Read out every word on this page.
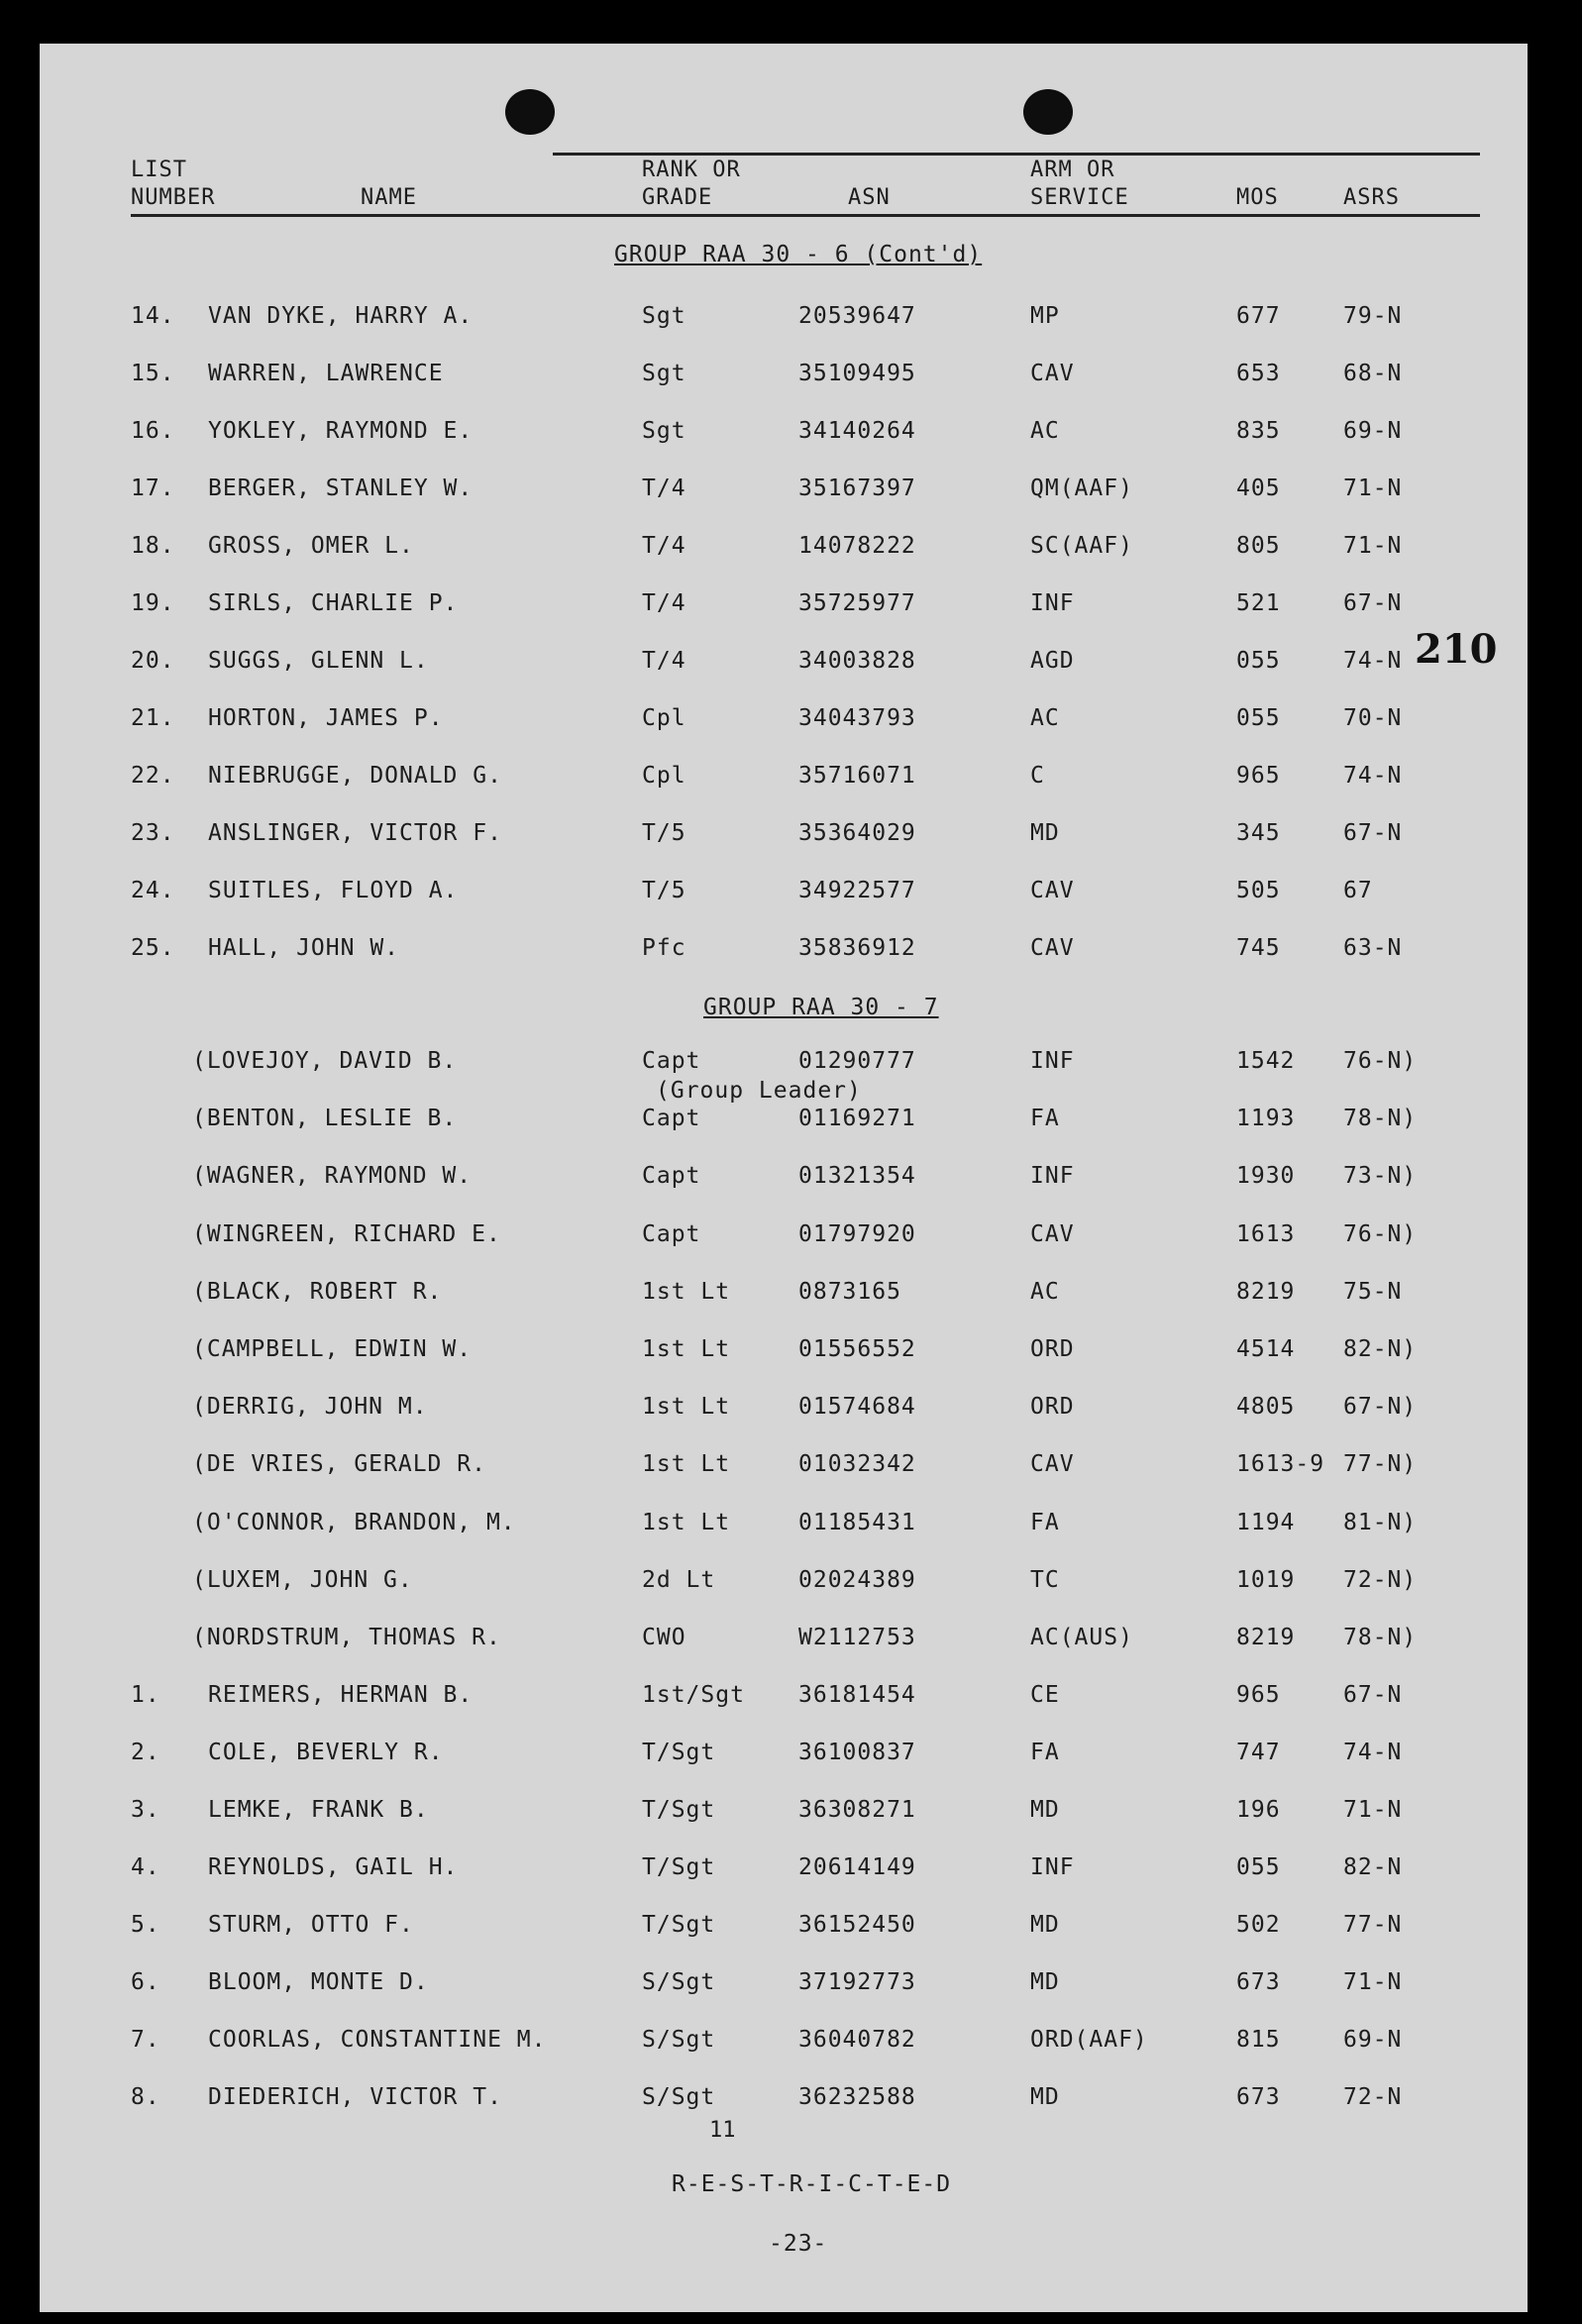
LIST
NUMBER	NAME
RANK OR
GRADE	ASN
ARM OR
SERVICE	MOS	ASRS
GROUP RAA 30 - 6 (Cont'd)
14. VAN DYKE, HARRY A.	Sgt	20539647	MP	677	79-N
15. WARREN, LAWRENCE	Sgt	35109495	CAV	653	68-N
16. YOKLEY, RAYMOND E.	Sgt	34140264	AC	835	69-N
17. BERGER, STANLEY W.	T/4	35167397	QM(AAF)	405	71-N
18. GROSS, OMER L.	T/4	14078222	SC(AAF)	805	71-N
19. SIRLS, CHARLIE P.	T/4	35725977	INF	521	67-N
20. SUGGS, GLENN L.	T/4	34003828	AGD	055	74-N
21. HORTON, JAMES P.	Cpl	34043793	AC	055	70-N
22. NIEBRUGGE, DONALD G.	Cpl	35716071	C	965	74-N
23. ANSLINGER, VICTOR F.	T/5	35364029	MD	345	67-N
24. SUITLES, FLOYD A.	T/5	34922577	CAV	505	67
25. HALL, JOHN W.	Pfc	35836912	CAV	745	63-N
GROUP RAA 30 - 7
(LOVEJOY, DAVID B.	Capt	01290777	INF	1542 76-N)
(BENTON, LESLIE B.	Capt	01169271	FA	1193 78-N)
(WAGNER, RAYMOND W.	Capt	01321354	INF	1930 73-N)
(WINGREEN, RICHARD E.	Capt	01797920	CAV	1613 76-N)
(BLACK, ROBERT R.	1st Lt	0873165	AC	8219 75-N
(CAMPBELL, EDWIN W.	1st Lt	01556552	ORD	4514 82-N)
(DERRIG, JOHN M.	1st Lt	01574684	ORD	4805 67-N)
(DE VRIES, GERALD R.	1st Lt	01032342	CAV	1613-9 77-N)
(O'CONNOR, BRANDON, M.	1st Lt	01185431	FA	1194 81-N)
(LUXEM, JOHN G.	2d Lt	02024389	TC	1019 72-N)
(NORDSTRUM, THOMAS R.	CWO	W2112753	AC(AUS)	8219 78-N)
1. REIMERS, HERMAN B.	1st/Sgt 36181454	CE	965	67-N
2. COLE, BEVERLY R.	T/Sgt	36100837	FA	747	74-N
3. LEMKE, FRANK B.	T/Sgt	36308271	MD	196	71-N
4. REYNOLDS, GAIL H.	T/Sgt	20614149	INF	055	82-N
5. STURM, OTTO F.	T/Sgt	36152450	MD	502	77-N
6. BLOOM, MONTE D.	S/Sgt	37192773	MD	673	71-N
7. COORLAS, CONSTANTINE M.	S/Sgt	36040782	ORD(AAF)	815	69-N
8. DIEDERICH, VICTOR T.	S/Sgt	36232588	MD	673	72-N
(Group Leader)
210
11
R-E-S-T-R-I-C-T-E-D
-23-
